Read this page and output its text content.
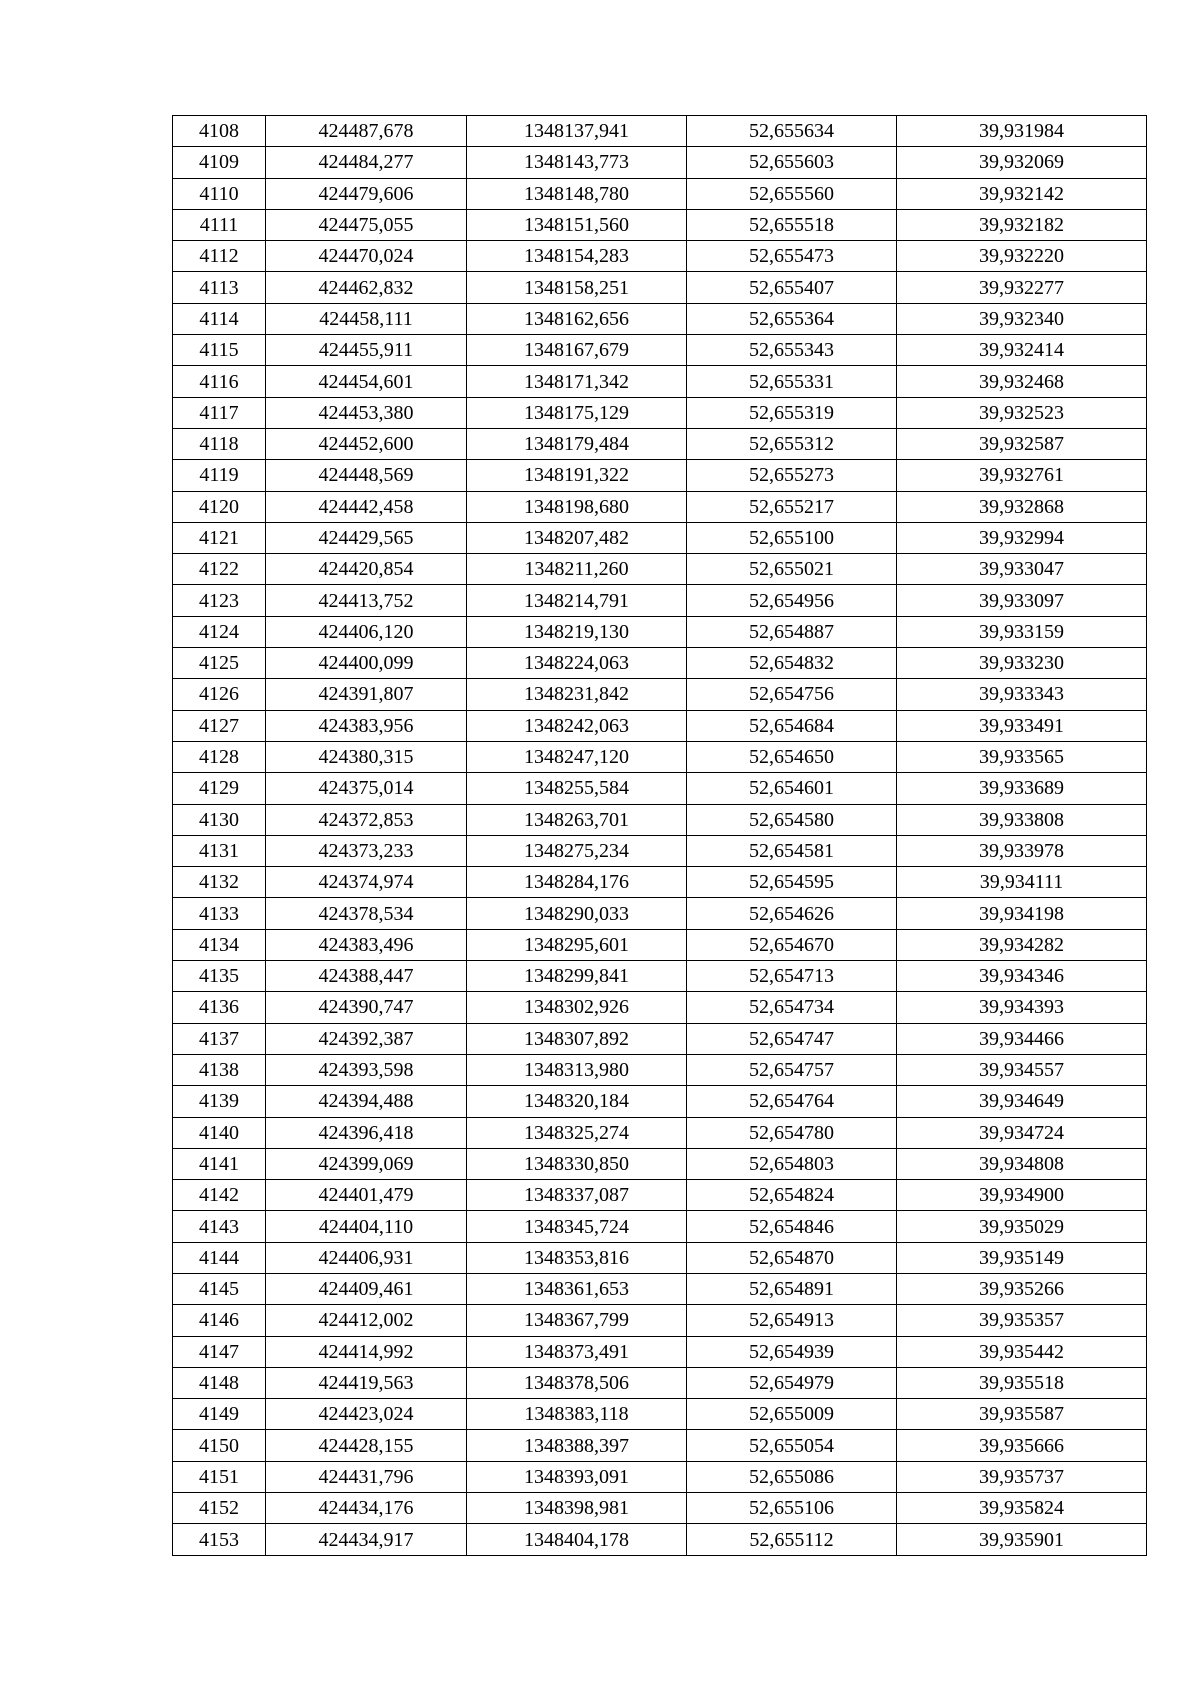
4108	424487,678	1348137,941	52,655634	39,931984
4109	424484,277	1348143,773	52,655603	39,932069
4110	424479,606	1348148,780	52,655560	39,932142
4111	424475,055	1348151,560	52,655518	39,932182
4112	424470,024	1348154,283	52,655473	39,932220
4113	424462,832	1348158,251	52,655407	39,932277
4114	424458,111	1348162,656	52,655364	39,932340
4115	424455,911	1348167,679	52,655343	39,932414
4116	424454,601	1348171,342	52,655331	39,932468
4117	424453,380	1348175,129	52,655319	39,932523
4118	424452,600	1348179,484	52,655312	39,932587
4119	424448,569	1348191,322	52,655273	39,932761
4120	424442,458	1348198,680	52,655217	39,932868
4121	424429,565	1348207,482	52,655100	39,932994
4122	424420,854	1348211,260	52,655021	39,933047
4123	424413,752	1348214,791	52,654956	39,933097
4124	424406,120	1348219,130	52,654887	39,933159
4125	424400,099	1348224,063	52,654832	39,933230
4126	424391,807	1348231,842	52,654756	39,933343
4127	424383,956	1348242,063	52,654684	39,933491
4128	424380,315	1348247,120	52,654650	39,933565
4129	424375,014	1348255,584	52,654601	39,933689
4130	424372,853	1348263,701	52,654580	39,933808
4131	424373,233	1348275,234	52,654581	39,933978
4132	424374,974	1348284,176	52,654595	39,934111
4133	424378,534	1348290,033	52,654626	39,934198
4134	424383,496	1348295,601	52,654670	39,934282
4135	424388,447	1348299,841	52,654713	39,934346
4136	424390,747	1348302,926	52,654734	39,934393
4137	424392,387	1348307,892	52,654747	39,934466
4138	424393,598	1348313,980	52,654757	39,934557
4139	424394,488	1348320,184	52,654764	39,934649
4140	424396,418	1348325,274	52,654780	39,934724
4141	424399,069	1348330,850	52,654803	39,934808
4142	424401,479	1348337,087	52,654824	39,934900
4143	424404,110	1348345,724	52,654846	39,935029
4144	424406,931	1348353,816	52,654870	39,935149
4145	424409,461	1348361,653	52,654891	39,935266
4146	424412,002	1348367,799	52,654913	39,935357
4147	424414,992	1348373,491	52,654939	39,935442
4148	424419,563	1348378,506	52,654979	39,935518
4149	424423,024	1348383,118	52,655009	39,935587
4150	424428,155	1348388,397	52,655054	39,935666
4151	424431,796	1348393,091	52,655086	39,935737
4152	424434,176	1348398,981	52,655106	39,935824
4153	424434,917	1348404,178	52,655112	39,935901
